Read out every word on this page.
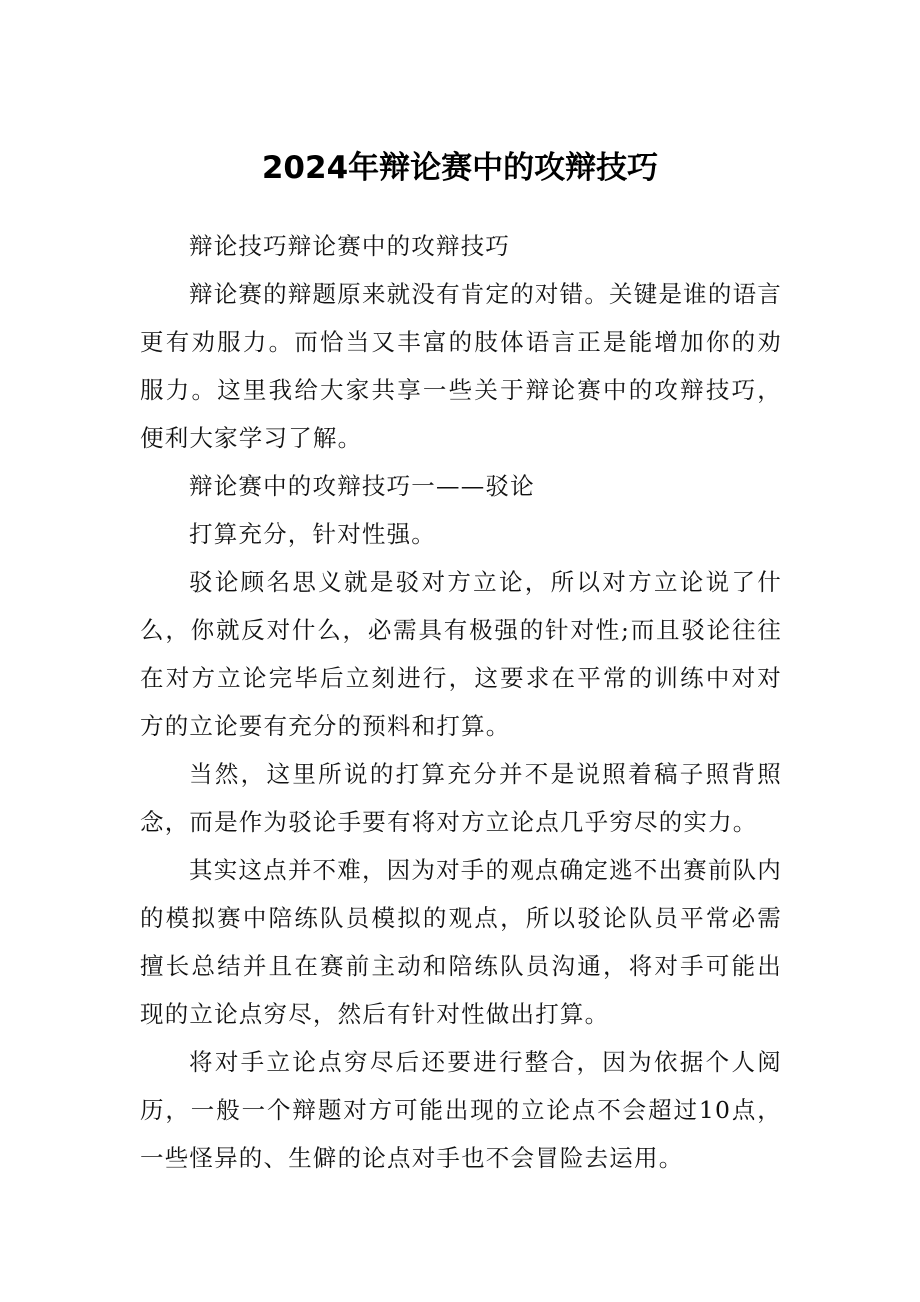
2024年辩论赛中的攻辩技巧

辩论技巧辩论赛中的攻辩技巧

辩论赛的辩题原来就没有肯定的对错。关键是谁的语言更有劝服力。而恰当又丰富的肢体语言正是能增加你的劝服力。这里我给大家共享一些关于辩论赛中的攻辩技巧，便利大家学习了解。

辩论赛中的攻辩技巧一——驳论

打算充分，针对性强。

驳论顾名思义就是驳对方立论，所以对方立论说了什么，你就反对什么，必需具有极强的针对性;而且驳论往往在对方立论完毕后立刻进行，这要求在平常的训练中对对方的立论要有充分的预料和打算。

当然，这里所说的打算充分并不是说照着稿子照背照念，而是作为驳论手要有将对方立论点几乎穷尽的实力。

其实这点并不难，因为对手的观点确定逃不出赛前队内的模拟赛中陪练队员模拟的观点，所以驳论队员平常必需擅长总结并且在赛前主动和陪练队员沟通，将对手可能出现的立论点穷尽，然后有针对性做出打算。

将对手立论点穷尽后还要进行整合，因为依据个人阅历，一般一个辩题对方可能出现的立论点不会超过10点，一些怪异的、生僻的论点对手也不会冒险去运用。
